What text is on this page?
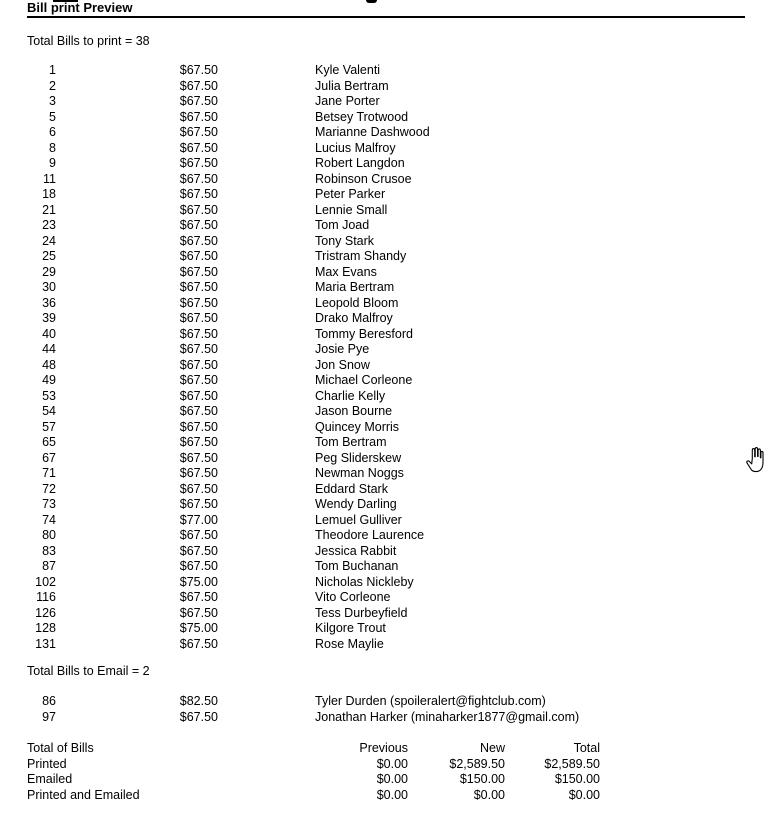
Bill print Preview
Total Bills to print = 38
1	$67.50	Kyle Valenti
2	$67.50	Julia Bertram
3	$67.50	Jane Porter
5	$67.50	Betsey Trotwood
6	$67.50	Marianne Dashwood
8	$67.50	Lucius Malfroy
9	$67.50	Robert Langdon
11	$67.50	Robinson Crusoe
18	$67.50	Peter Parker
21	$67.50	Lennie Small
23	$67.50	Tom Joad
24	$67.50	Tony Stark
25	$67.50	Tristram Shandy
29	$67.50	Max Evans
30	$67.50	Maria Bertram
36	$67.50	Leopold Bloom
39	$67.50	Drako Malfroy
40	$67.50	Tommy Beresford
44	$67.50	Josie Pye
48	$67.50	Jon Snow
49	$67.50	Michael Corleone
53	$67.50	Charlie Kelly
54	$67.50	Jason Bourne
57	$67.50	Quincey Morris
65	$67.50	Tom Bertram
67	$67.50	Peg Sliderskew
71	$67.50	Newman Noggs
72	$67.50	Eddard Stark
73	$67.50	Wendy Darling
74	$77.00	Lemuel Gulliver
80	$67.50	Theodore Laurence
83	$67.50	Jessica Rabbit
87	$67.50	Tom Buchanan
102	$75.00	Nicholas Nickleby
116	$67.50	Vito Corleone
126	$67.50	Tess Durbeyfield
128	$75.00	Kilgore Trout
131	$67.50	Rose Maylie
Total Bills to Email = 2
86	$82.50	Tyler Durden (spoileralert@fightclub.com)
97	$67.50	Jonathan Harker (minaharker1877@gmail.com)
Total of Bills	Previous	New	Total
Printed	$0.00	$2,589.50	$2,589.50
Emailed	$0.00	$150.00	$150.00
Printed and Emailed	$0.00	$0.00	$0.00
